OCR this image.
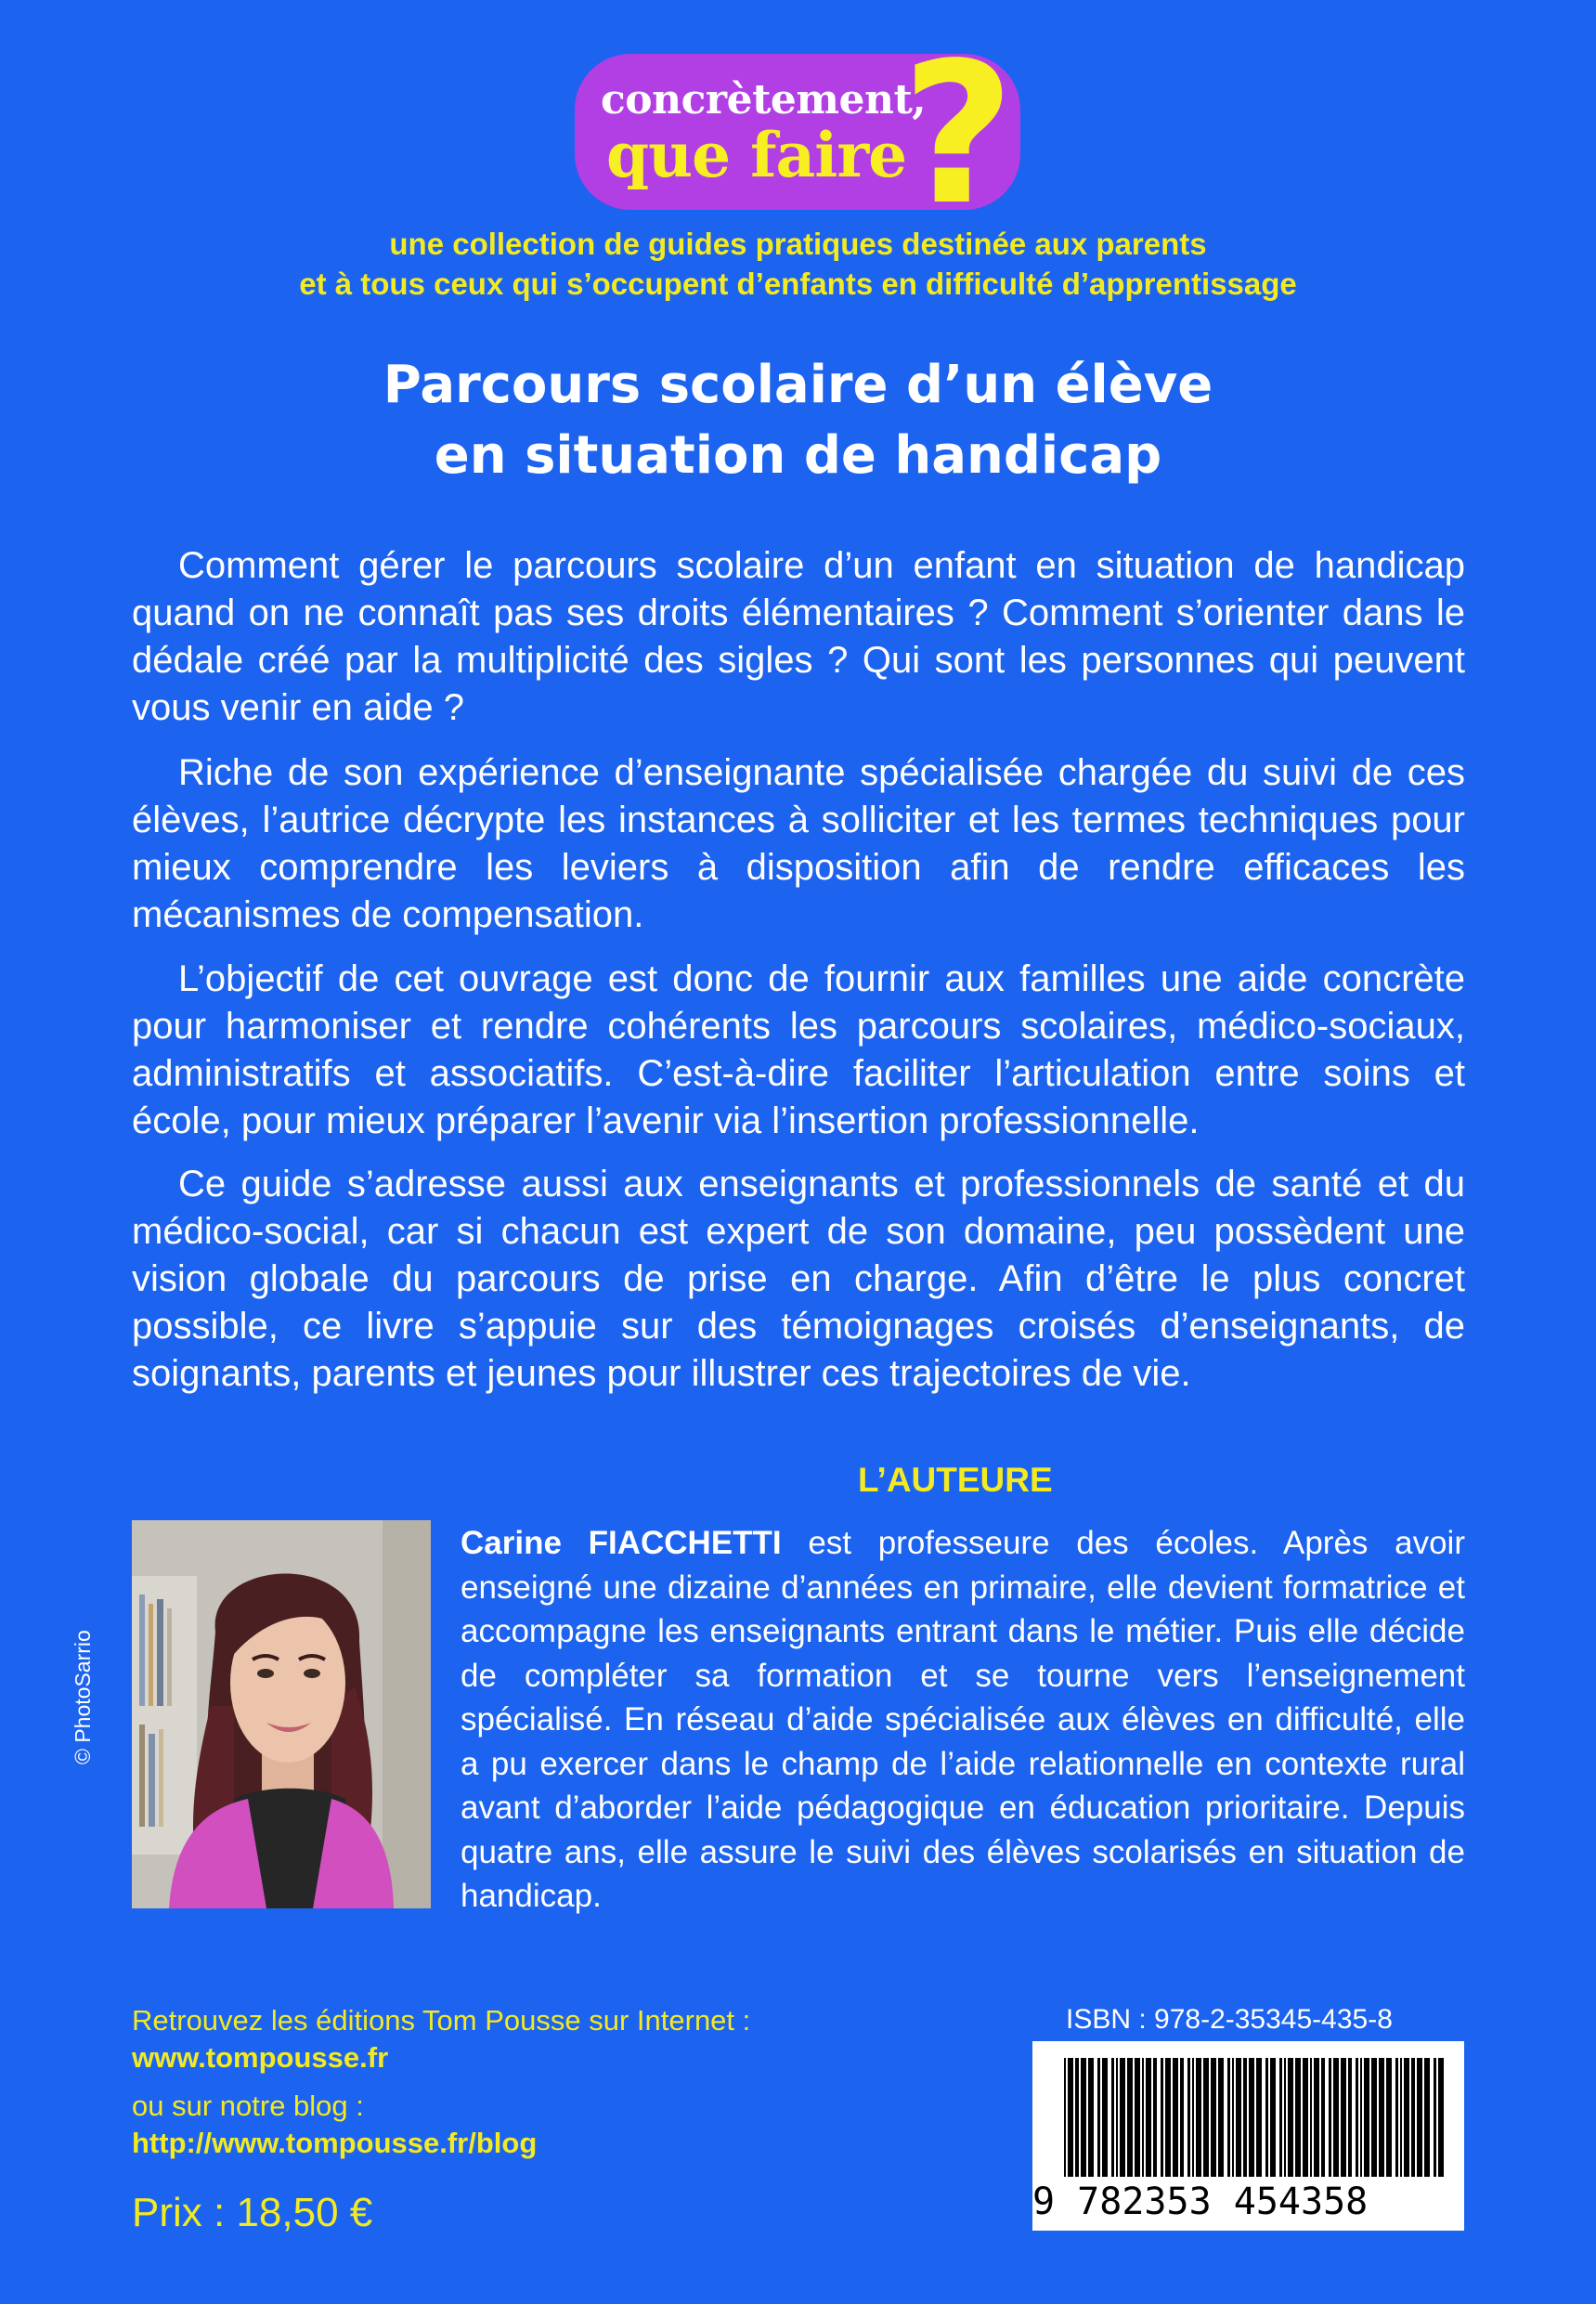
concrètement,
que faire
?
une collection de guides pratiques destinée aux parents
et à tous ceux qui s’occupent d’enfants en difficulté d’apprentissage
Parcours scolaire d’un élève
en situation de handicap

Comment gérer le parcours scolaire d’un enfant en situation de handicap quand on ne connaît pas ses droits élémentaires ? Comment s’orienter dans le dédale créé par la multiplicité des sigles ? Qui sont les personnes qui peuvent vous venir en aide ?

Riche de son expérience d’enseignante spécialisée chargée du suivi de ces élèves, l’autrice décrypte les instances à solliciter et les termes techniques pour mieux comprendre les leviers à disposition afin de rendre efficaces les mécanismes de compensation.

L’objectif de cet ouvrage est donc de fournir aux familles une aide concrète pour harmoniser et rendre cohérents les parcours scolaires, médico-sociaux, administratifs et associatifs. C’est-à-dire faciliter l’articulation entre soins et école, pour mieux préparer l’avenir via l’insertion professionnelle.

Ce guide s’adresse aussi aux enseignants et professionnels de santé et du médico-social, car si chacun est expert de son domaine, peu possèdent une vision globale du parcours de prise en charge. Afin d’être le plus concret possible, ce livre s’appuie sur des témoignages croisés d’enseignants, de soignants, parents et jeunes pour illustrer ces trajectoires de vie.

L’AUTEURE
© PhotoSarrio

Carine FIACCHETTI est professeure des écoles. Après avoir enseigné une dizaine d’années en primaire, elle devient formatrice et accompagne les enseignants entrant dans le métier. Puis elle décide de compléter sa formation et se tourne vers l’enseignement spécialisé. En réseau d’aide spécialisée aux élèves en difficulté, elle a pu exercer dans le champ de l’aide relationnelle en contexte rural avant d’aborder l’aide pédagogique en éducation prioritaire. Depuis quatre ans, elle assure le suivi des élèves scolarisés en situation de handicap.

Retrouvez les éditions Tom Pousse sur Internet :
www.tompousse.fr
ou sur notre blog :
http://www.tompousse.fr/blog
Prix : 18,50 €
ISBN : 978-2-35345-435-8
9 782353 454358
